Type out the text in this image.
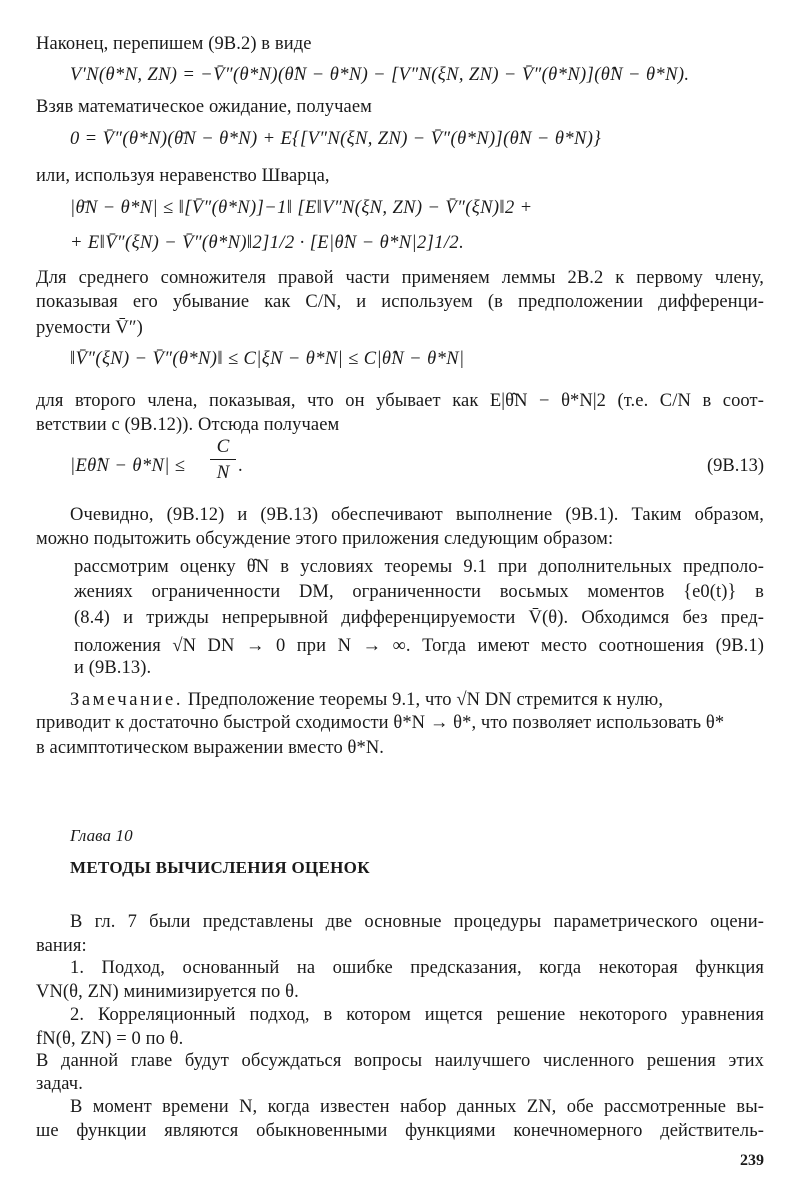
Наконец, перепишем (9В.2) в виде
V′N(θ*N, ZN) = −V̄″(θ*N)(θ̂N − θ*N) − [V″N(ξN, ZN) − V̄″(θ*N)](θ̂N − θ*N).
Взяв математическое ожидание, получаем
0 = V̄″(θ*N)(θ̄N − θ*N) + E{[V″N(ξN, ZN) − V̄″(θ*N)](θ̂N − θ*N)}
или, используя неравенство Шварца,
|θ̄N − θ*N| ≤ ‖[V̄″(θ*N)]−1‖ [E‖V″N(ξN, ZN) − V̄″(ξN)‖2 +
+ E‖V̄″(ξN) − V̄″(θ*N)‖2]1/2 · [E|θ̂N − θ*N|2]1/2.
Для среднего сомножителя правой части применяем леммы 2В.2 к первому члену,
показывая его убывание как C/N, и используем (в предположении дифференци-
руемости V̄″)
‖V̄″(ξN) − V̄″(θ*N)‖ ≤ C|ξN − θ*N| ≤ C|θ̂N − θ*N|
для второго члена, показывая, что он убывает как E|θ̂N − θ*N|2 (т.е. C/N в соот-
ветствии с (9В.12)). Отсюда получаем
|Eθ̂N − θ*N| ≤
C
N .	(9В.13)
Очевидно, (9В.12) и (9В.13) обеспечивают выполнение (9В.1). Таким образом,
можно подытожить обсуждение этого приложения следующим образом:
рассмотрим оценку θ̂N в условиях теоремы 9.1 при дополнительных предполо-
жениях ограниченности DM, ограниченности восьмых моментов {e0(t)} в
(8.4) и трижды непрерывной дифференцируемости V̄(θ). Обходимся без пред-
положения √N DN → 0 при N → ∞. Тогда имеют место соотношения (9В.1)
и (9В.13).
Замечание. Предположение теоремы 9.1, что √N DN стремится к нулю,
приводит к достаточно быстрой сходимости θ*N → θ*, что позволяет использовать θ*
в асимптотическом выражении вместо θ*N.
Глава 10
МЕТОДЫ ВЫЧИСЛЕНИЯ ОЦЕНОК
В гл. 7 были представлены две основные процедуры параметрического оцени-
вания:
1. Подход, основанный на ошибке предсказания, когда некоторая функция
VN(θ, ZN) минимизируется по θ.
2. Корреляционный подход, в котором ищется решение некоторого уравнения
fN(θ, ZN) = 0 по θ.
В данной главе будут обсуждаться вопросы наилучшего численного решения этих
задач.
В момент времени N, когда известен набор данных ZN, обе рассмотренные вы-
ше функции являются обыкновенными функциями конечномерного действитель-
239
